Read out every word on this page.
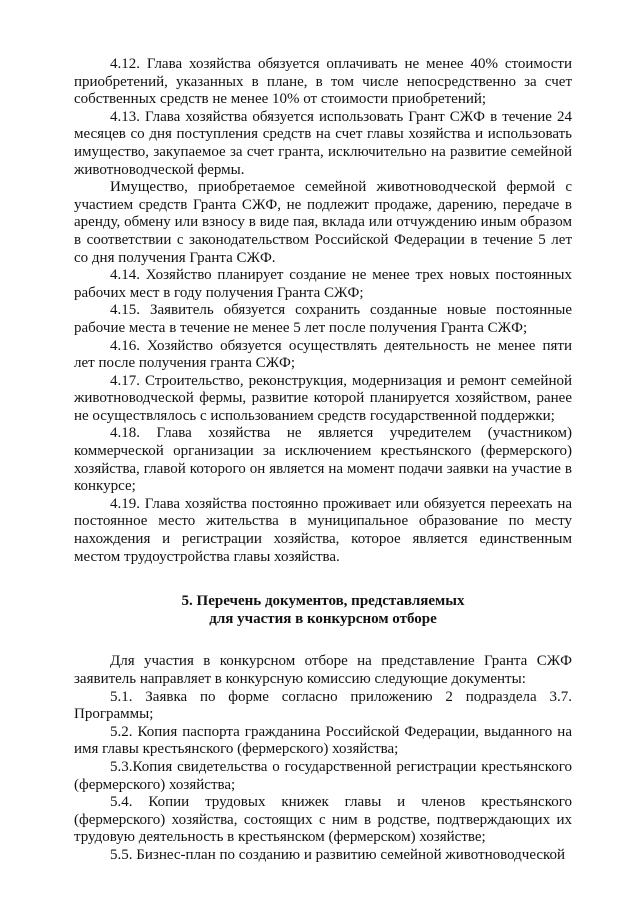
4.12. Глава хозяйства обязуется оплачивать не менее 40% стоимости приобретений, указанных в плане, в том числе непосредственно за счет собственных средств не менее 10% от стоимости приобретений;

4.13. Глава хозяйства обязуется использовать Грант СЖФ в течение 24 месяцев со дня поступления средств на счет главы хозяйства и использовать имущество, закупаемое за счет гранта, исключительно на развитие семейной животноводческой фермы.

Имущество, приобретаемое семейной животноводческой фермой с участием средств Гранта СЖФ, не подлежит продаже, дарению, передаче в аренду, обмену или взносу в виде пая, вклада или отчуждению иным образом в соответствии с законодательством Российской Федерации в течение 5 лет со дня получения Гранта СЖФ.

4.14. Хозяйство планирует создание не менее трех новых постоянных рабочих мест в году получения Гранта СЖФ;

4.15. Заявитель обязуется сохранить созданные новые постоянные рабочие места в течение не менее 5 лет после получения Гранта СЖФ;

4.16. Хозяйство обязуется осуществлять деятельность не менее пяти лет после получения гранта СЖФ;

4.17. Строительство, реконструкция, модернизация и ремонт семейной животноводческой фермы, развитие которой планируется хозяйством, ранее не осуществлялось с использованием средств государственной поддержки;

4.18. Глава хозяйства не является учредителем (участником) коммерческой организации за исключением крестьянского (фермерского) хозяйства, главой которого он является на момент подачи заявки на участие в конкурсе;

4.19. Глава хозяйства постоянно проживает или обязуется переехать на постоянное место жительства в муниципальное образование по месту нахождения и регистрации хозяйства, которое является единственным местом трудоустройства главы хозяйства.

5. Перечень документов, представляемых
для участия в конкурсном отборе

Для участия в конкурсном отборе на представление Гранта СЖФ заявитель направляет в конкурсную комиссию следующие документы:

5.1. Заявка по форме согласно приложению 2 подраздела 3.7. Программы;

5.2. Копия паспорта гражданина Российской Федерации, выданного на имя главы крестьянского (фермерского) хозяйства;

5.3.Копия свидетельства о государственной регистрации крестьянского (фермерского) хозяйства;

5.4. Копии трудовых книжек главы и членов крестьянского (фермерского) хозяйства, состоящих с ним в родстве, подтверждающих их трудовую деятельность в крестьянском (фермерском) хозяйстве;

5.5. Бизнес-план по созданию и развитию семейной животноводческой
